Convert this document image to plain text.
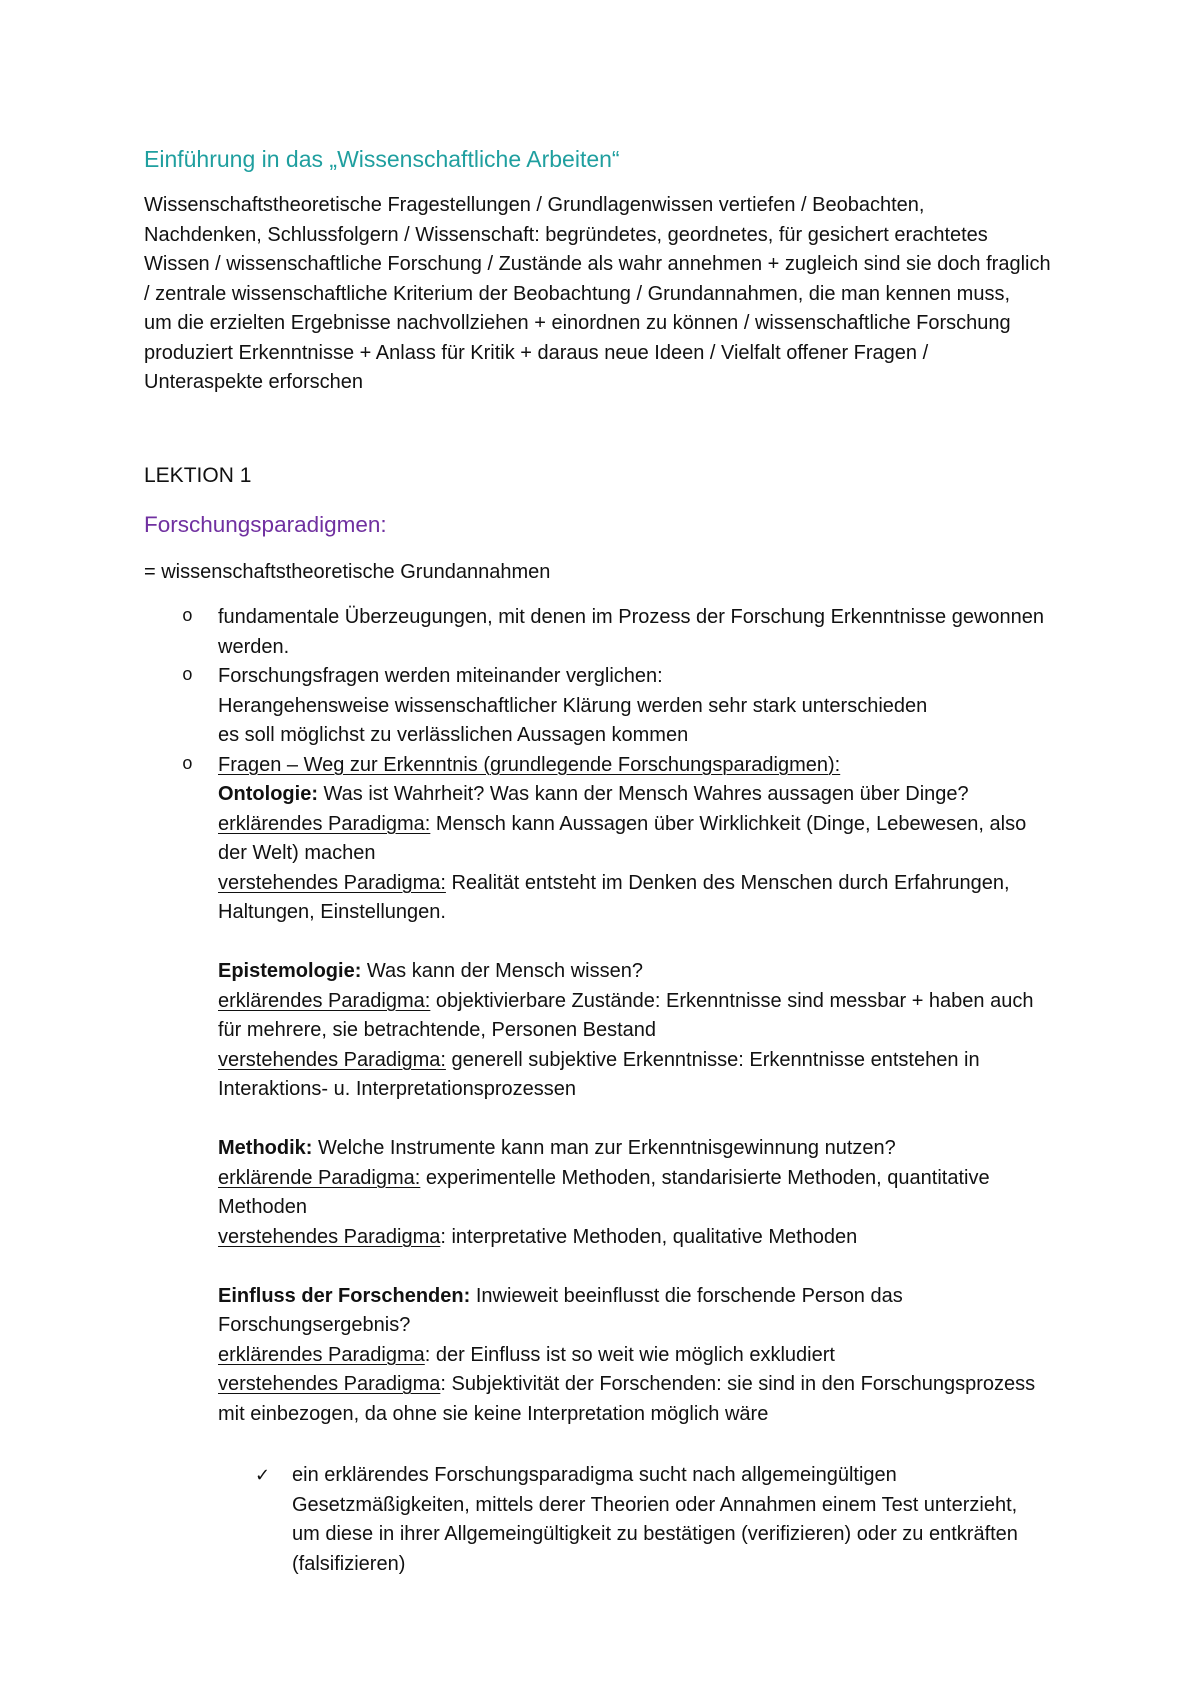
Einführung in das „Wissenschaftliche Arbeiten“
Wissenschaftstheoretische Fragestellungen / Grundlagenwissen vertiefen / Beobachten,
Nachdenken, Schlussfolgern / Wissenschaft: begründetes, geordnetes, für gesichert erachtetes
Wissen / wissenschaftliche Forschung / Zustände als wahr annehmen + zugleich sind sie doch fraglich
/ zentrale wissenschaftliche Kriterium der Beobachtung / Grundannahmen, die man kennen muss,
um die erzielten Ergebnisse nachvollziehen + einordnen zu können / wissenschaftliche Forschung
produziert Erkenntnisse + Anlass für Kritik + daraus neue Ideen / Vielfalt offener Fragen /
Unteraspekte erforschen
LEKTION 1
Forschungsparadigmen:
= wissenschaftstheoretische Grundannahmen
o fundamentale Überzeugungen, mit denen im Prozess der Forschung Erkenntnisse gewonnen
werden.
o Forschungsfragen werden miteinander verglichen:
Herangehensweise wissenschaftlicher Klärung werden sehr stark unterschieden
es soll möglichst zu verlässlichen Aussagen kommen
o Fragen – Weg zur Erkenntnis (grundlegende Forschungsparadigmen):
Ontologie: Was ist Wahrheit? Was kann der Mensch Wahres aussagen über Dinge?
erklärendes Paradigma: Mensch kann Aussagen über Wirklichkeit (Dinge, Lebewesen, also
der Welt) machen
verstehendes Paradigma: Realität entsteht im Denken des Menschen durch Erfahrungen,
Haltungen, Einstellungen.
Epistemologie: Was kann der Mensch wissen?
erklärendes Paradigma: objektivierbare Zustände: Erkenntnisse sind messbar + haben auch
für mehrere, sie betrachtende, Personen Bestand
verstehendes Paradigma: generell subjektive Erkenntnisse: Erkenntnisse entstehen in
Interaktions- u. Interpretationsprozessen
Methodik: Welche Instrumente kann man zur Erkenntnisgewinnung nutzen?
erklärende Paradigma: experimentelle Methoden, standarisierte Methoden, quantitative
Methoden
verstehendes Paradigma: interpretative Methoden, qualitative Methoden
Einfluss der Forschenden: Inwieweit beeinflusst die forschende Person das
Forschungsergebnis?
erklärendes Paradigma: der Einfluss ist so weit wie möglich exkludiert
verstehendes Paradigma: Subjektivität der Forschenden: sie sind in den Forschungsprozess
mit einbezogen, da ohne sie keine Interpretation möglich wäre
✓
ein erklärendes Forschungsparadigma sucht nach allgemeingültigen
Gesetzmäßigkeiten, mittels derer Theorien oder Annahmen einem Test unterzieht,
um diese in ihrer Allgemeingültigkeit zu bestätigen (verifizieren) oder zu entkräften
(falsifizieren)
